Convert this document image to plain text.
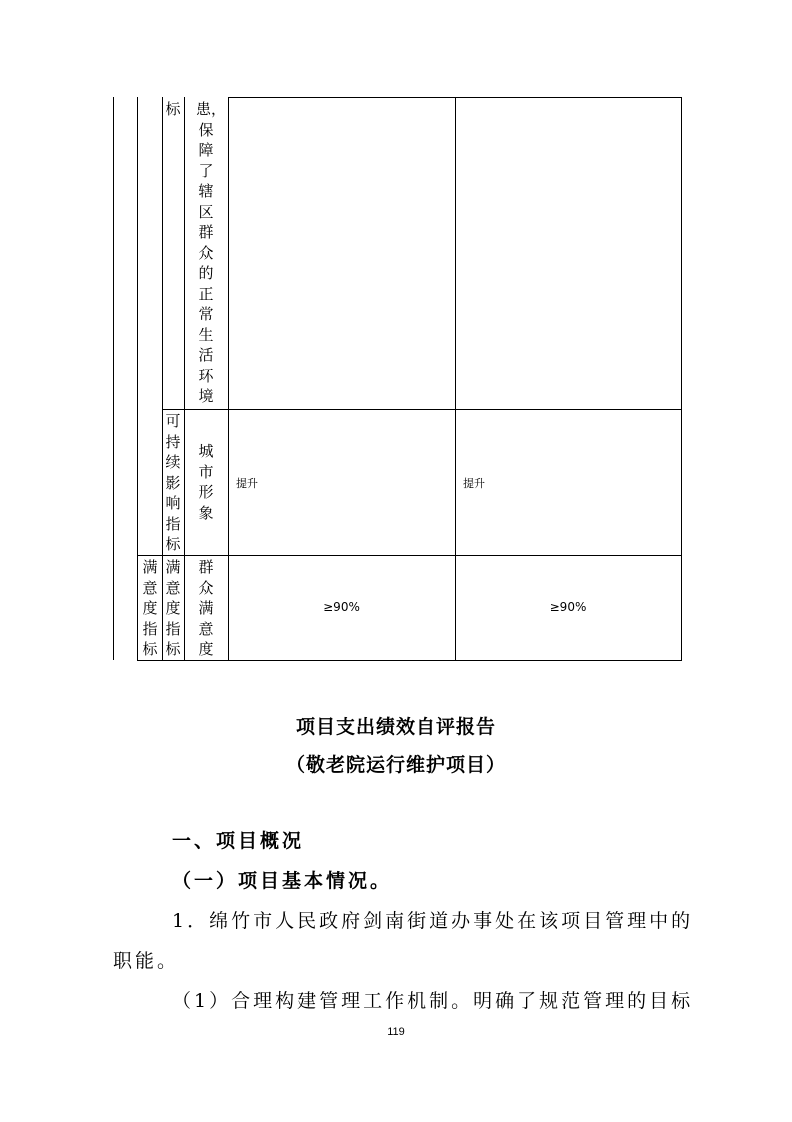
标 患，保障了辖区群众的正常生活环境
可持续影响指标
城市形象
提升	提升
满意度指标
满意度指标
群众满意度
≥90%	≥90%
项目支出绩效自评报告
（敬老院运行维护项目）
一、项目概况
（一）项目基本情况。
1．绵竹市人民政府剑南街道办事处在该项目管理中的
职能。
（1）合理构建管理工作机制。明确了规范管理的目标
119
